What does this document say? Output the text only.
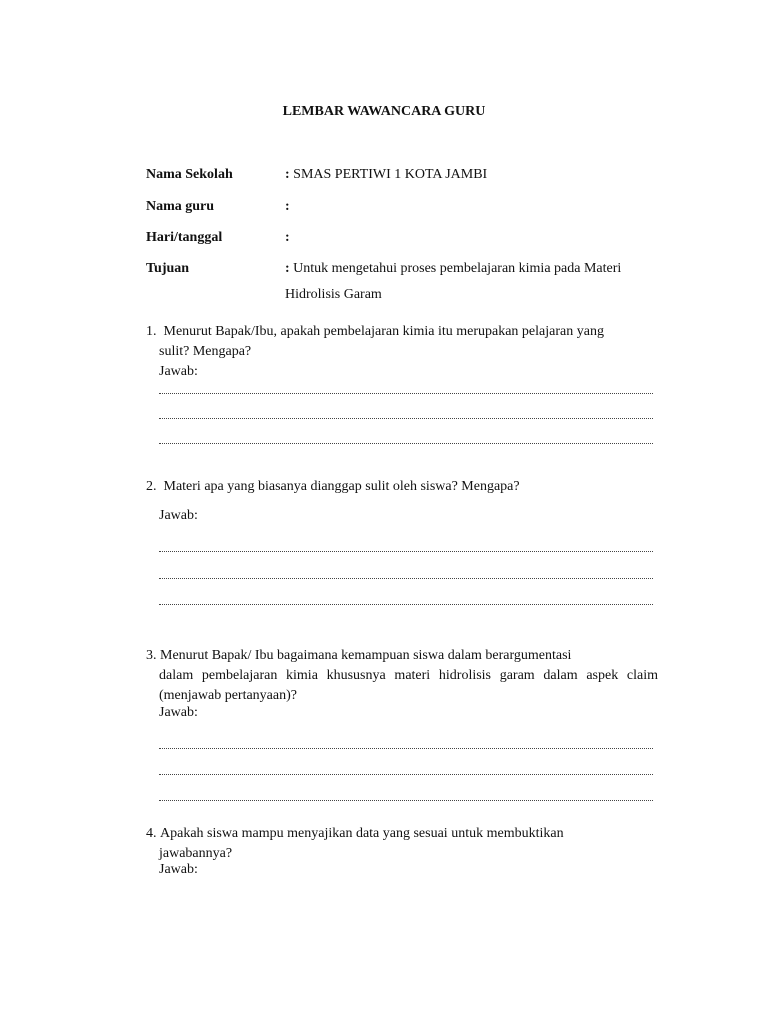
LEMBAR WAWANCARA GURU
Nama Sekolah	: SMAS PERTIWI 1 KOTA JAMBI
Nama guru	:
Hari/tanggal	:
Tujuan	: Untuk mengetahui proses pembelajaran kimia pada Materi
Hidrolisis Garam
1. Menurut Bapak/Ibu, apakah pembelajaran kimia itu merupakan pelajaran yang
sulit? Mengapa?
Jawab:
2. Materi apa yang biasanya dianggap sulit oleh siswa? Mengapa?
Jawab:
3. Menurut Bapak/ Ibu bagaimana kemampuan siswa dalam berargumentasi
dalam pembelajaran kimia khususnya materi hidrolisis garam dalam aspek claim (menjawab pertanyaan)?
Jawab:
4. Apakah siswa mampu menyajikan data yang sesuai untuk membuktikan
jawabannya?
Jawab:
